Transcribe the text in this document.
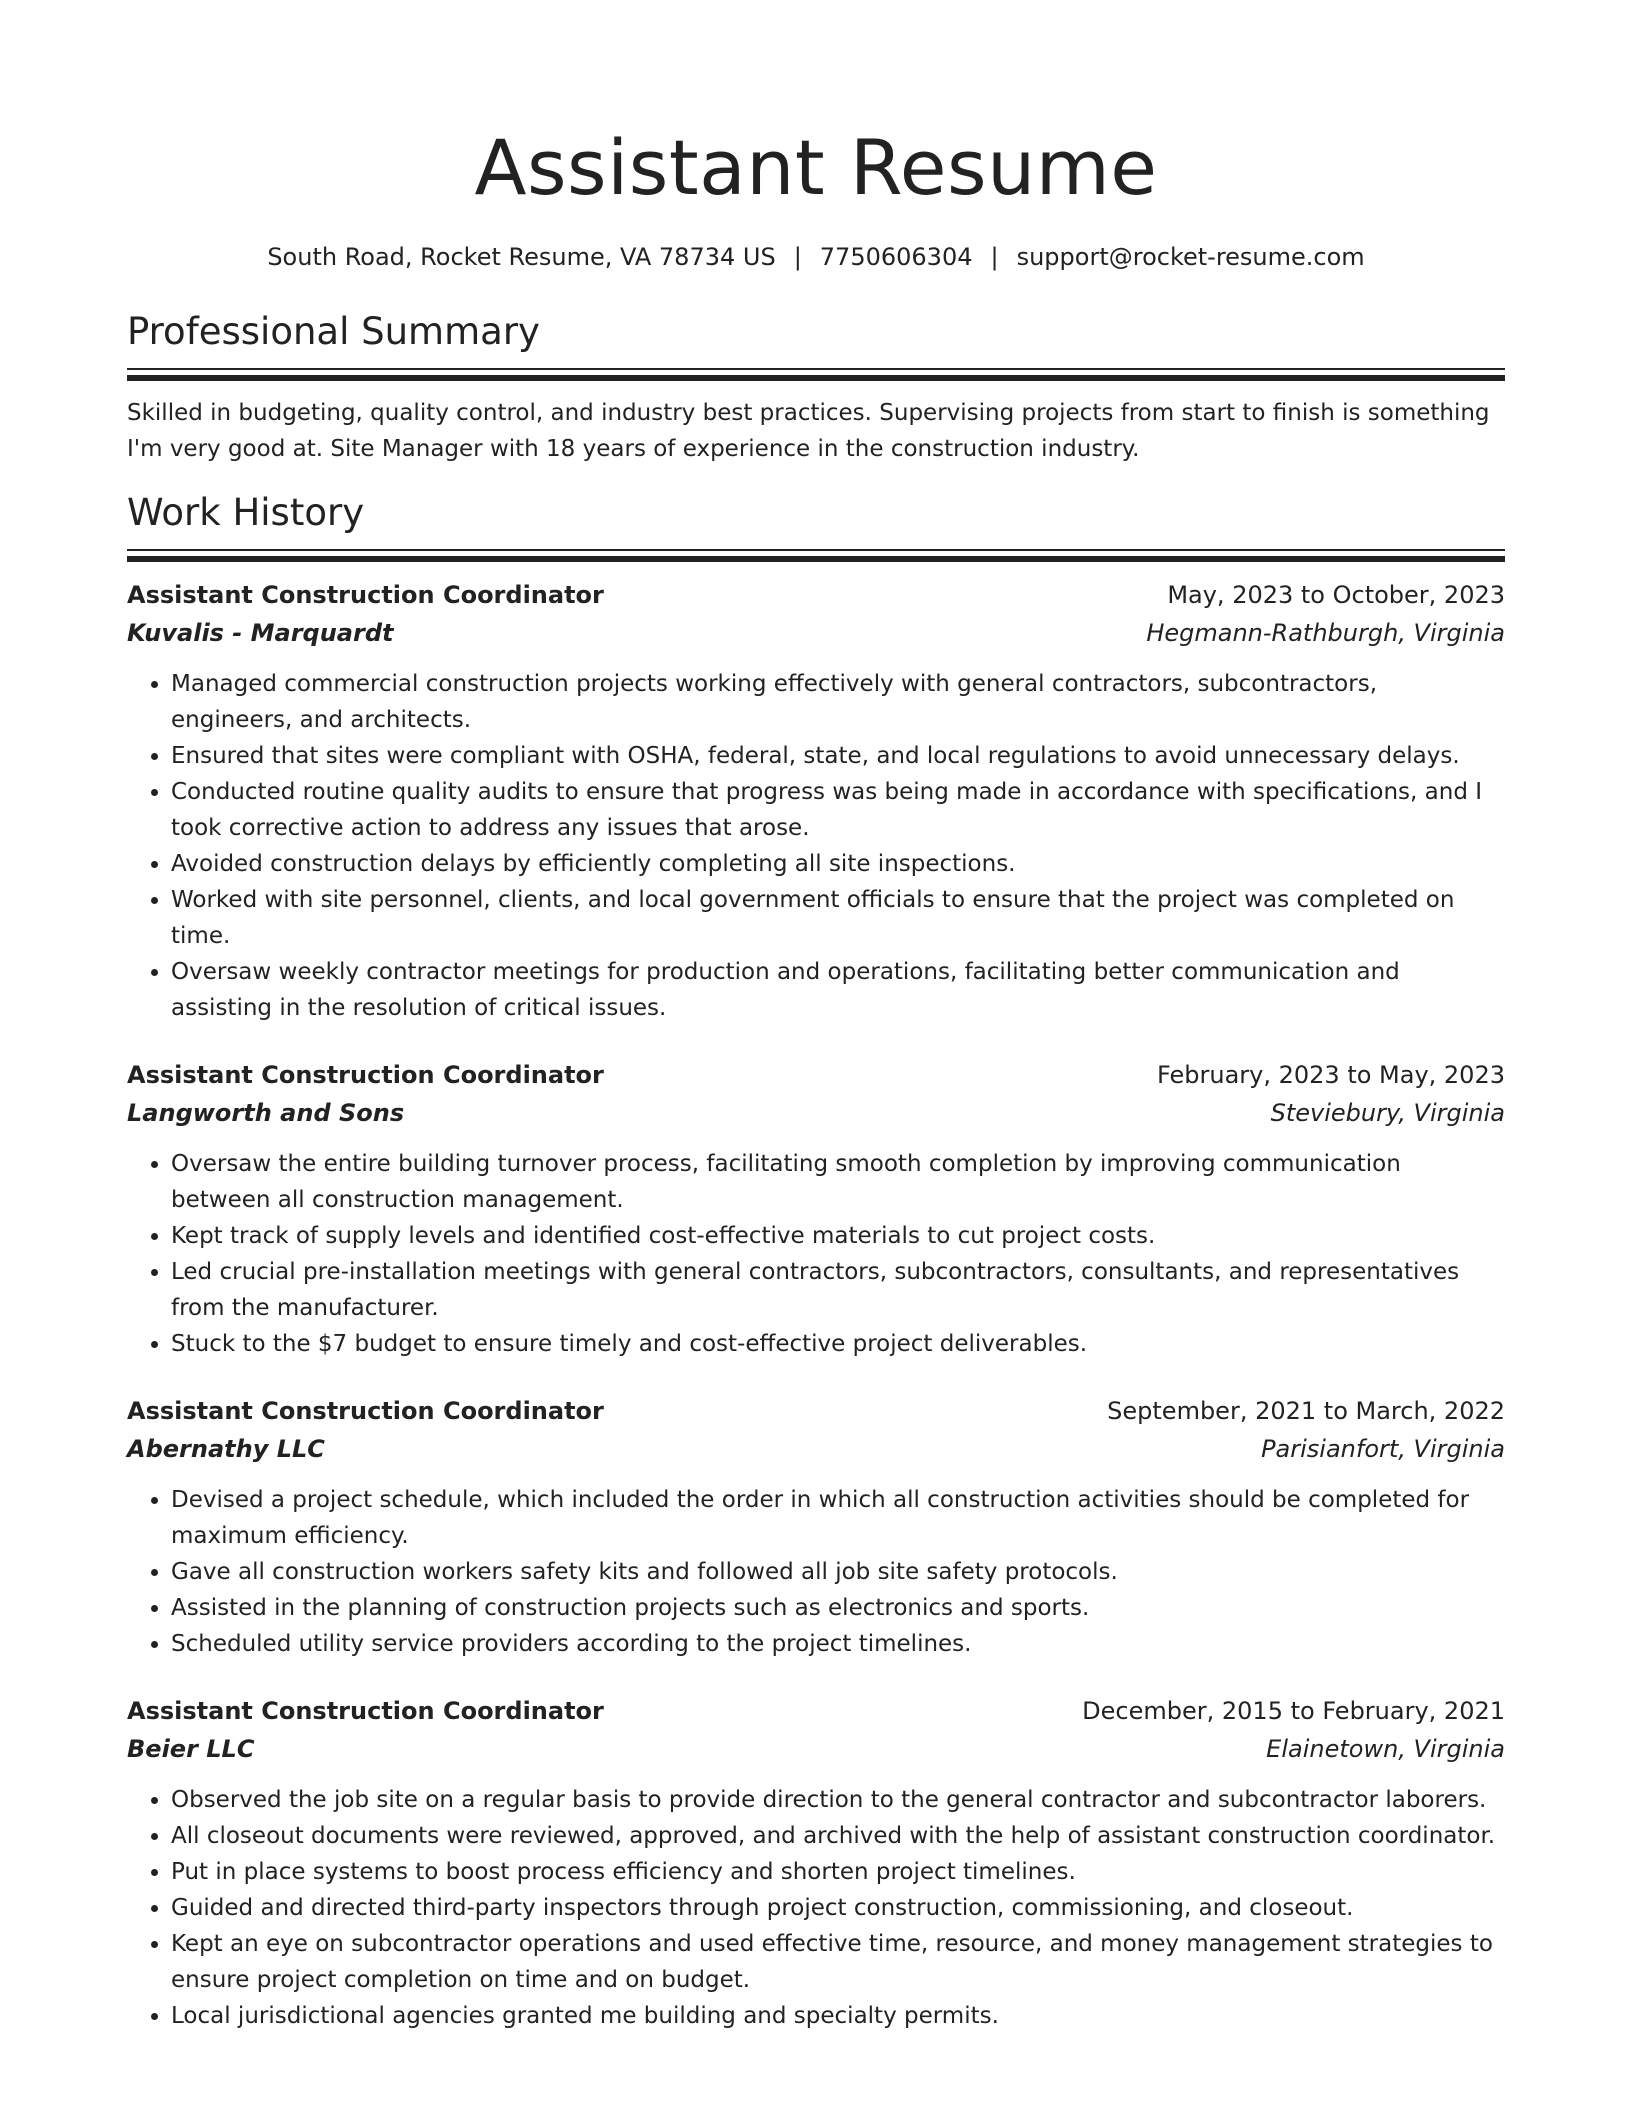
Assistant Resume
South Road, Rocket Resume, VA 78734 US | 7750606304 | support@rocket-resume.com
Professional Summary
Skilled in budgeting, quality control, and industry best practices. Supervising projects from start to finish is something I'm very good at. Site Manager with 18 years of experience in the construction industry.
Work History
Assistant Construction Coordinator	May, 2023 to October, 2023
Kuvalis - Marquardt	Hegmann-Rathburgh, Virginia
• Managed commercial construction projects working effectively with general contractors, subcontractors, engineers, and architects.
• Ensured that sites were compliant with OSHA, federal, state, and local regulations to avoid unnecessary delays.
• Conducted routine quality audits to ensure that progress was being made in accordance with specifications, and I took corrective action to address any issues that arose.
• Avoided construction delays by efficiently completing all site inspections.
• Worked with site personnel, clients, and local government officials to ensure that the project was completed on time.
• Oversaw weekly contractor meetings for production and operations, facilitating better communication and assisting in the resolution of critical issues.
Assistant Construction Coordinator	February, 2023 to May, 2023
Langworth and Sons	Steviebury, Virginia
• Oversaw the entire building turnover process, facilitating smooth completion by improving communication between all construction management.
• Kept track of supply levels and identified cost-effective materials to cut project costs.
• Led crucial pre-installation meetings with general contractors, subcontractors, consultants, and representatives from the manufacturer.
• Stuck to the $7 budget to ensure timely and cost-effective project deliverables.
Assistant Construction Coordinator	September, 2021 to March, 2022
Abernathy LLC	Parisianfort, Virginia
• Devised a project schedule, which included the order in which all construction activities should be completed for maximum efficiency.
• Gave all construction workers safety kits and followed all job site safety protocols.
• Assisted in the planning of construction projects such as electronics and sports.
• Scheduled utility service providers according to the project timelines.
Assistant Construction Coordinator	December, 2015 to February, 2021
Beier LLC	Elainetown, Virginia
• Observed the job site on a regular basis to provide direction to the general contractor and subcontractor laborers.
• All closeout documents were reviewed, approved, and archived with the help of assistant construction coordinator.
• Put in place systems to boost process efficiency and shorten project timelines.
• Guided and directed third-party inspectors through project construction, commissioning, and closeout.
• Kept an eye on subcontractor operations and used effective time, resource, and money management strategies to ensure project completion on time and on budget.
• Local jurisdictional agencies granted me building and specialty permits.
